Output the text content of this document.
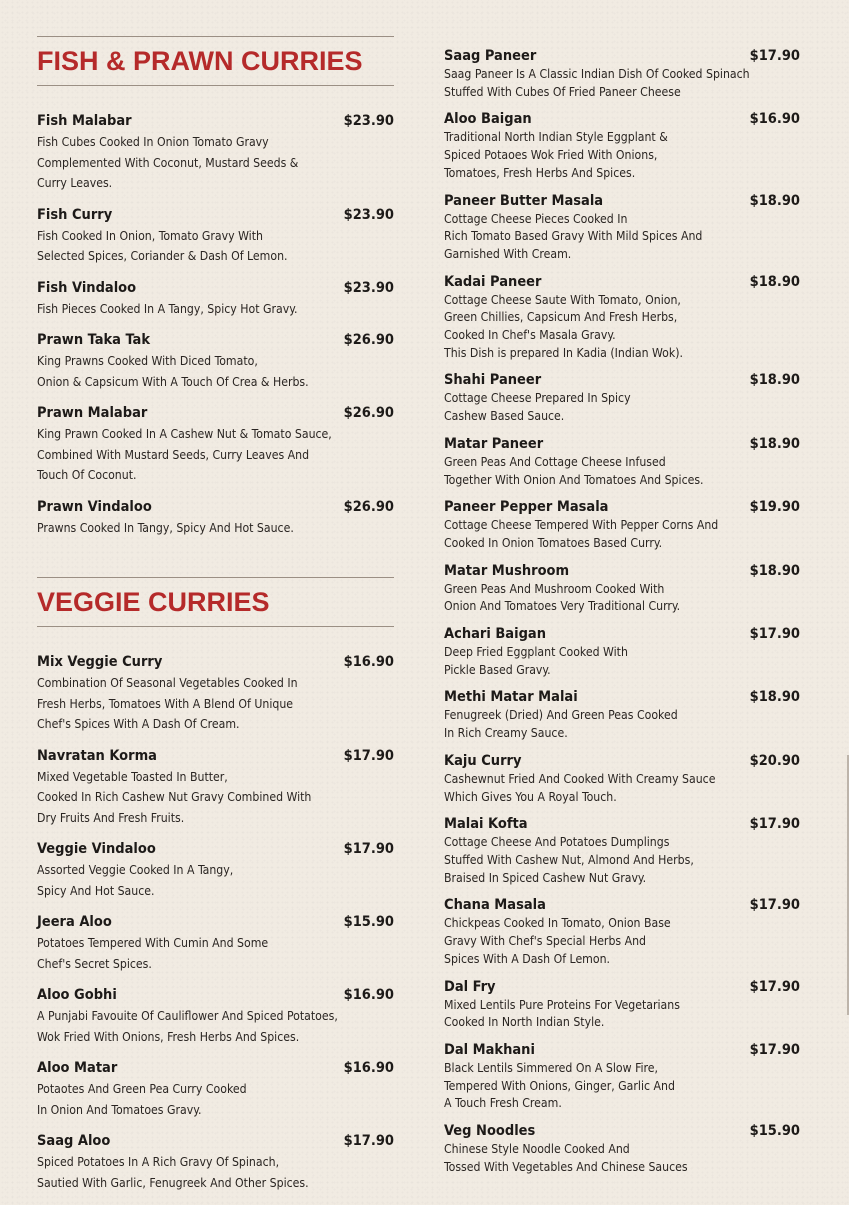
FISH & PRAWN CURRIES
Fish Malabar	$23.90
Fish Cubes Cooked In Onion Tomato Gravy
Complemented With Coconut, Mustard Seeds &
Curry Leaves.
Fish Curry	$23.90
Fish Cooked In Onion, Tomato Gravy With
Selected Spices, Coriander & Dash Of Lemon.
Fish Vindaloo	$23.90
Fish Pieces Cooked In A Tangy, Spicy Hot Gravy.
Prawn Taka Tak	$26.90
King Prawns Cooked With Diced Tomato,
Onion & Capsicum With A Touch Of Crea & Herbs.
Prawn Malabar	$26.90
King Prawn Cooked In A Cashew Nut & Tomato Sauce,
Combined With Mustard Seeds, Curry Leaves And
Touch Of Coconut.
Prawn Vindaloo	$26.90
Prawns Cooked In Tangy, Spicy And Hot Sauce.
VEGGIE CURRIES
Mix Veggie Curry	$16.90
Combination Of Seasonal Vegetables Cooked In
Fresh Herbs, Tomatoes With A Blend Of Unique
Chef's Spices With A Dash Of Cream.
Navratan Korma	$17.90
Mixed Vegetable Toasted In Butter,
Cooked In Rich Cashew Nut Gravy Combined With
Dry Fruits And Fresh Fruits.
Veggie Vindaloo	$17.90
Assorted Veggie Cooked In A Tangy,
Spicy And Hot Sauce.
Jeera Aloo	$15.90
Potatoes Tempered With Cumin And Some
Chef's Secret Spices.
Aloo Gobhi	$16.90
A Punjabi Favouite Of Cauliflower And Spiced Potatoes,
Wok Fried With Onions, Fresh Herbs And Spices.
Aloo Matar	$16.90
Potaotes And Green Pea Curry Cooked
In Onion And Tomatoes Gravy.
Saag Aloo	$17.90
Spiced Potatoes In A Rich Gravy Of Spinach,
Sautied With Garlic, Fenugreek And Other Spices.
Saag Paneer	$17.90
Saag Paneer Is A Classic Indian Dish Of Cooked Spinach
Stuffed With Cubes Of Fried Paneer Cheese
Aloo Baigan	$16.90
Traditional North Indian Style Eggplant &
Spiced Potaoes Wok Fried With Onions,
Tomatoes, Fresh Herbs And Spices.
Paneer Butter Masala	$18.90
Cottage Cheese Pieces Cooked In
Rich Tomato Based Gravy With Mild Spices And
Garnished With Cream.
Kadai Paneer	$18.90
Cottage Cheese Saute With Tomato, Onion,
Green Chillies, Capsicum And Fresh Herbs,
Cooked In Chef's Masala Gravy.
This Dish is prepared In Kadia (Indian Wok).
Shahi Paneer	$18.90
Cottage Cheese Prepared In Spicy
Cashew Based Sauce.
Matar Paneer	$18.90
Green Peas And Cottage Cheese Infused
Together With Onion And Tomatoes And Spices.
Paneer Pepper Masala	$19.90
Cottage Cheese Tempered With Pepper Corns And
Cooked In Onion Tomatoes Based Curry.
Matar Mushroom	$18.90
Green Peas And Mushroom Cooked With
Onion And Tomatoes Very Traditional Curry.
Achari Baigan	$17.90
Deep Fried Eggplant Cooked With
Pickle Based Gravy.
Methi Matar Malai	$18.90
Fenugreek (Dried) And Green Peas Cooked
In Rich Creamy Sauce.
Kaju Curry	$20.90
Cashewnut Fried And Cooked With Creamy Sauce
Which Gives You A Royal Touch.
Malai Kofta	$17.90
Cottage Cheese And Potatoes Dumplings
Stuffed With Cashew Nut, Almond And Herbs,
Braised In Spiced Cashew Nut Gravy.
Chana Masala	$17.90
Chickpeas Cooked In Tomato, Onion Base
Gravy With Chef's Special Herbs And
Spices With A Dash Of Lemon.
Dal Fry	$17.90
Mixed Lentils Pure Proteins For Vegetarians
Cooked In North Indian Style.
Dal Makhani	$17.90
Black Lentils Simmered On A Slow Fire,
Tempered With Onions, Ginger, Garlic And
A Touch Fresh Cream.
Veg Noodles	$15.90
Chinese Style Noodle Cooked And
Tossed With Vegetables And Chinese Sauces
